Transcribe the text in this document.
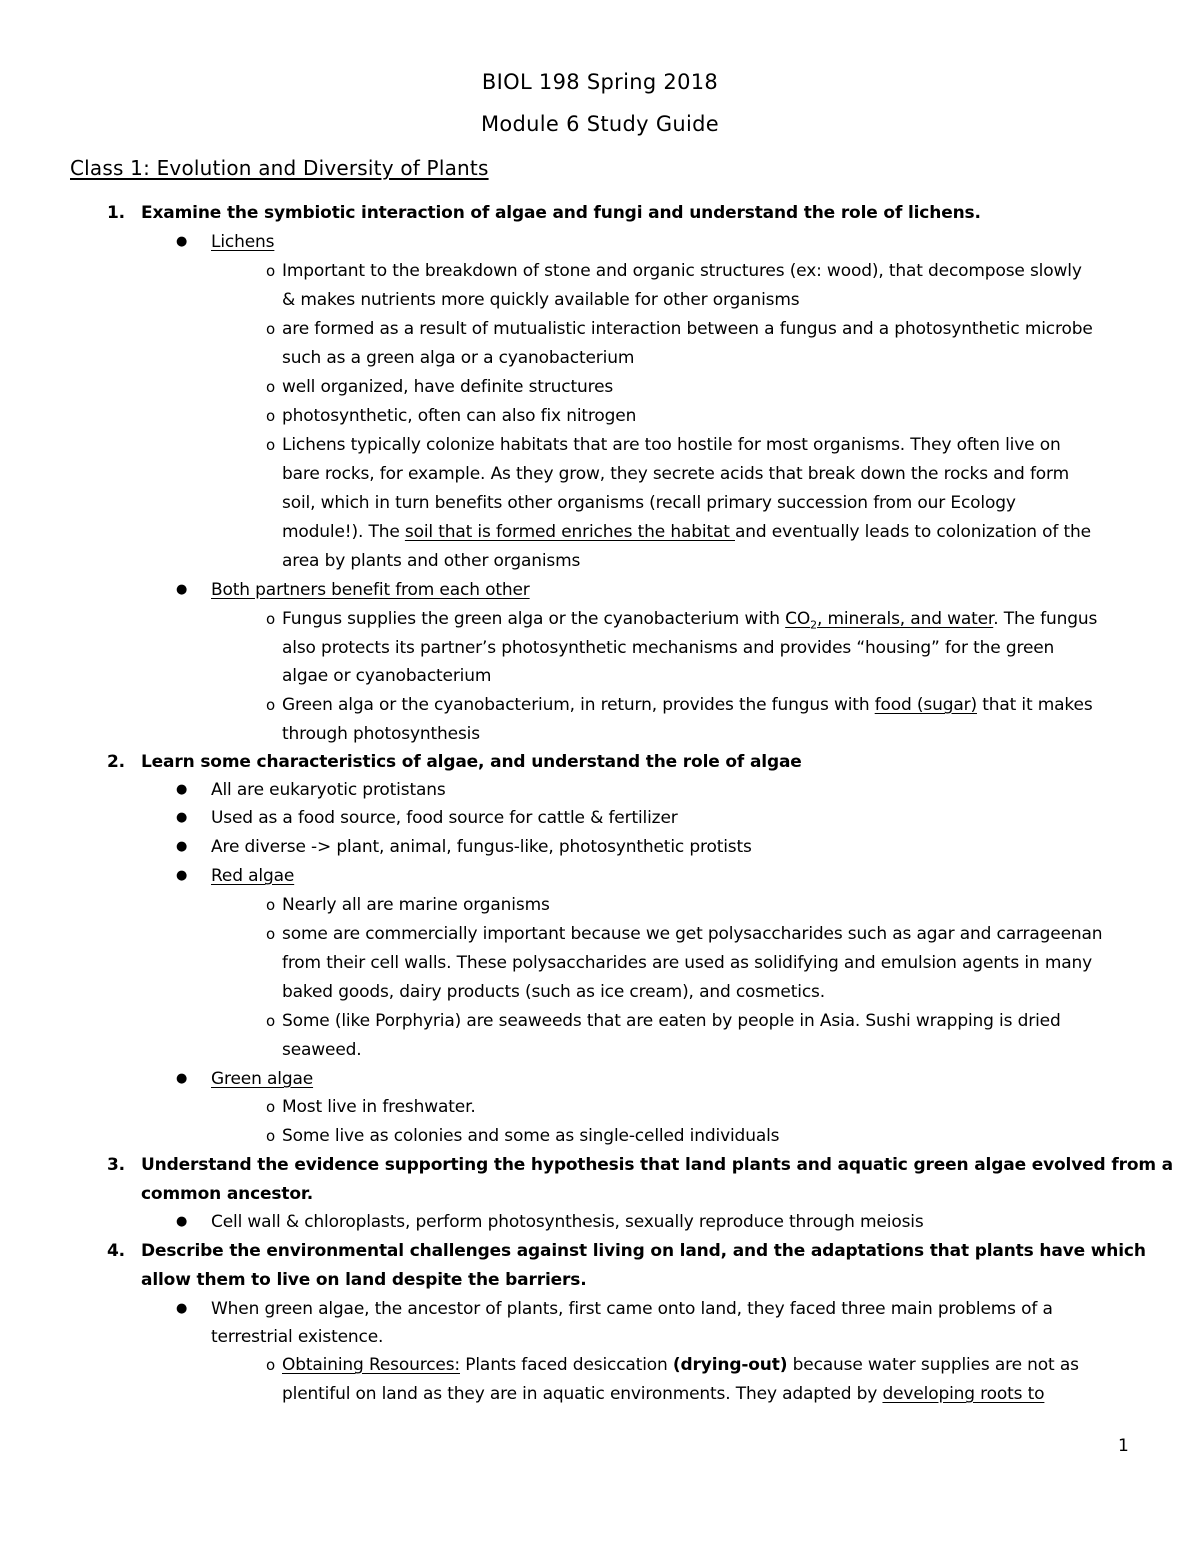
BIOL 198 Spring 2018
Module 6 Study Guide
Class 1: Evolution and Diversity of Plants
1. Examine the symbiotic interaction of algae and fungi and understand the role of lichens.
● Lichens
o Important to the breakdown of stone and organic structures (ex: wood), that decompose slowly
& makes nutrients more quickly available for other organisms
o are formed as a result of mutualistic interaction between a fungus and a photosynthetic microbe
such as a green alga or a cyanobacterium
o well organized, have definite structures
o photosynthetic, often can also fix nitrogen
o Lichens typically colonize habitats that are too hostile for most organisms. They often live on
bare rocks, for example. As they grow, they secrete acids that break down the rocks and form
soil, which in turn benefits other organisms (recall primary succession from our Ecology
module!). The soil that is formed enriches the habitat and eventually leads to colonization of the
area by plants and other organisms
● Both partners benefit from each other
o Fungus supplies the green alga or the cyanobacterium with $CO_2$, minerals, and water. The fungus
also protects its partner’s photosynthetic mechanisms and provides “housing” for the green
algae or cyanobacterium
o Green alga or the cyanobacterium, in return, provides the fungus with food (sugar) that it makes
through photosynthesis
2. Learn some characteristics of algae, and understand the role of algae
● All are eukaryotic protistans
● Used as a food source, food source for cattle & fertilizer
● Are diverse -> plant, animal, fungus-like, photosynthetic protists
● Red algae
o Nearly all are marine organisms
o some are commercially important because we get polysaccharides such as agar and carrageenan
from their cell walls. These polysaccharides are used as solidifying and emulsion agents in many
baked goods, dairy products (such as ice cream), and cosmetics.
o Some (like Porphyria) are seaweeds that are eaten by people in Asia. Sushi wrapping is dried
seaweed.
● Green algae
o Most live in freshwater.
o Some live as colonies and some as single-celled individuals
3. Understand the evidence supporting the hypothesis that land plants and aquatic green algae evolved from a
common ancestor.
● Cell wall & chloroplasts, perform photosynthesis, sexually reproduce through meiosis
4. Describe the environmental challenges against living on land, and the adaptations that plants have which
allow them to live on land despite the barriers.
● When green algae, the ancestor of plants, first came onto land, they faced three main problems of a
terrestrial existence.
o Obtaining Resources: Plants faced desiccation (drying-out) because water supplies are not as
plentiful on land as they are in aquatic environments. They adapted by developing roots to
1
